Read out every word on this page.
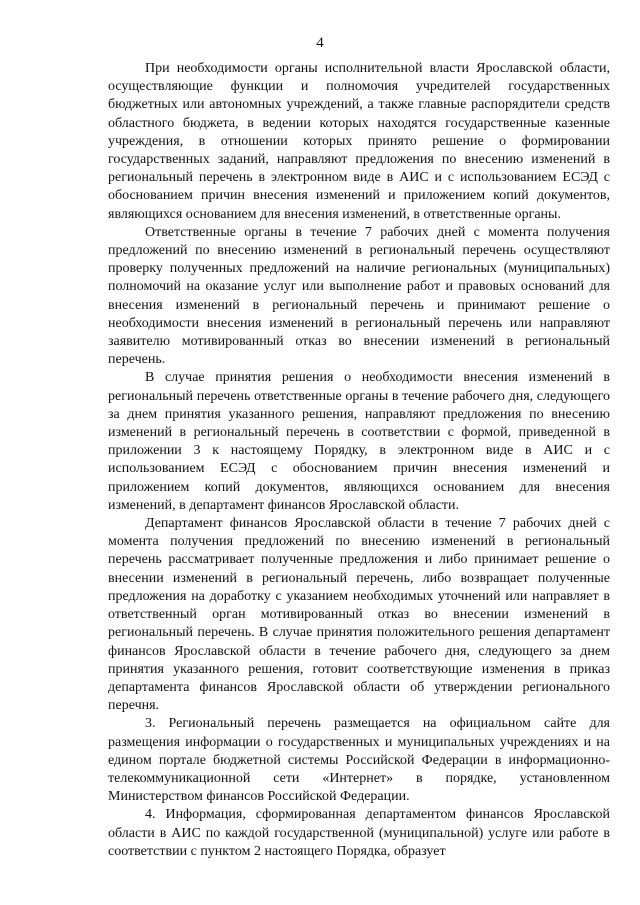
4

При необходимости органы исполнительной власти Ярославской области, осуществляющие функции и полномочия учредителей государственных бюджетных или автономных учреждений, а также главные распорядители средств областного бюджета, в ведении которых находятся государственные казенные учреждения, в отношении которых принято решение о формировании государственных заданий, направляют предложения по внесению изменений в региональный перечень в электронном виде в АИС и с использованием ЕСЭД с обоснованием причин внесения изменений и приложением копий документов, являющихся основанием для внесения изменений, в ответственные органы.

Ответственные органы в течение 7 рабочих дней с момента получения предложений по внесению изменений в региональный перечень осуществляют проверку полученных предложений на наличие региональных (муниципальных) полномочий на оказание услуг или выполнение работ и правовых оснований для внесения изменений в региональный перечень и принимают решение о необходимости внесения изменений в региональный перечень или направляют заявителю мотивированный отказ во внесении изменений в региональный перечень.

В случае принятия решения о необходимости внесения изменений в региональный перечень ответственные органы в течение рабочего дня, следующего за днем принятия указанного решения, направляют предложения по внесению изменений в региональный перечень в соответствии с формой, приведенной в приложении 3 к настоящему Порядку, в электронном виде в АИС и с использованием ЕСЭД с обоснованием причин внесения изменений и приложением копий документов, являющихся основанием для внесения изменений, в департамент финансов Ярославской области.

Департамент финансов Ярославской области в течение 7 рабочих дней с момента получения предложений по внесению изменений в региональный перечень рассматривает полученные предложения и либо принимает решение о внесении изменений в региональный перечень, либо возвращает полученные предложения на доработку с указанием необходимых уточнений или направляет в ответственный орган мотивированный отказ во внесении изменений в региональный перечень. В случае принятия положительного решения департамент финансов Ярославской области в течение рабочего дня, следующего за днем принятия указанного решения, готовит соответствующие изменения в приказ департамента финансов Ярославской области об утверждении регионального перечня.

3. Региональный перечень размещается на официальном сайте для размещения информации о государственных и муниципальных учреждениях и на едином портале бюджетной системы Российской Федерации в информационно-телекоммуникационной сети «Интернет» в порядке, установленном Министерством финансов Российской Федерации.

4. Информация, сформированная департаментом финансов Ярославской области в АИС по каждой государственной (муниципальной) услуге или работе в соответствии с пунктом 2 настоящего Порядка, образует
